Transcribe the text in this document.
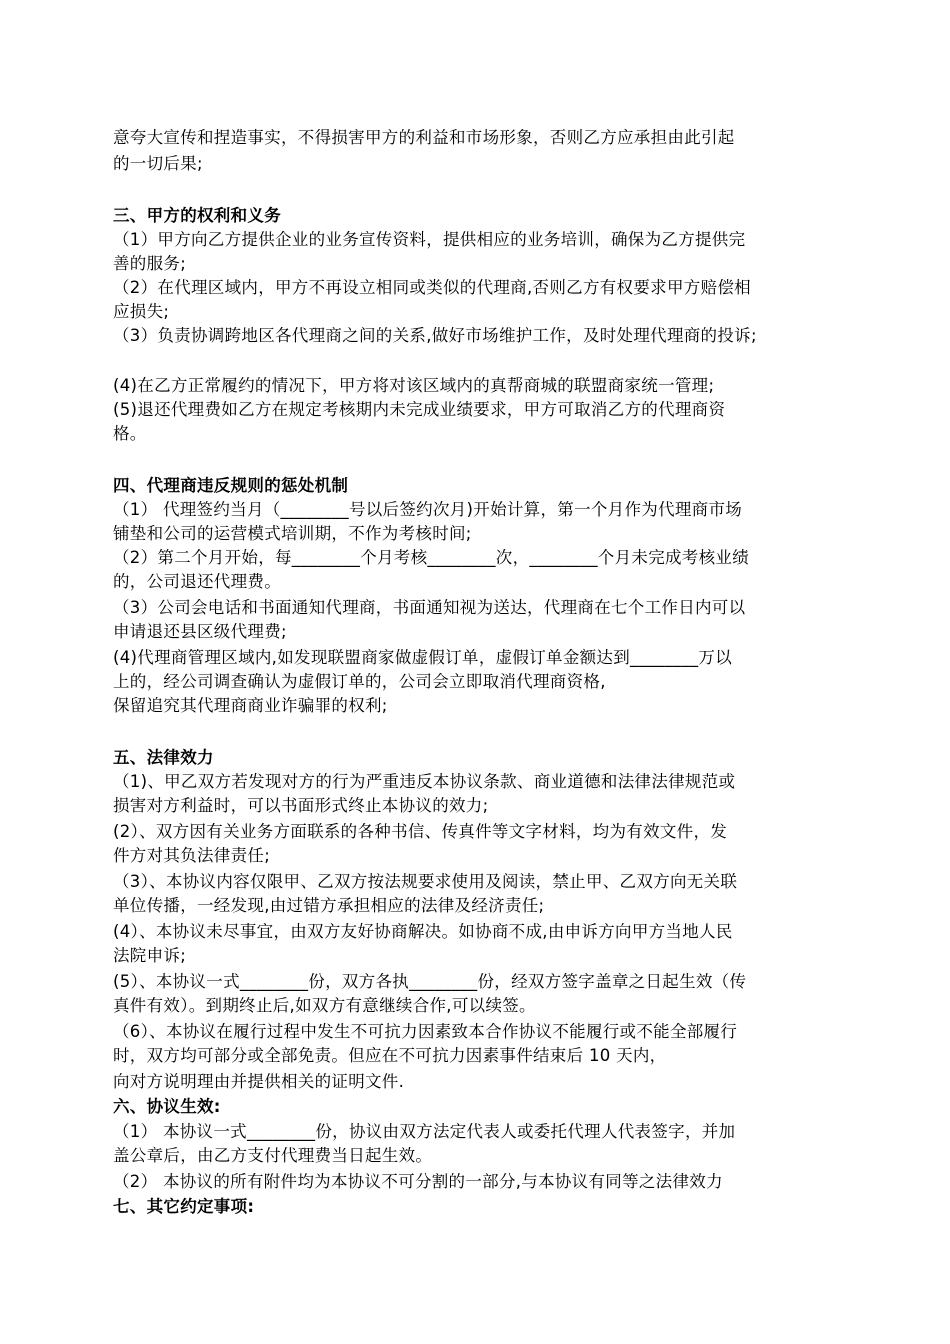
意夸大宣传和捏造事实，不得损害甲方的利益和市场形象，否则乙方应承担由此引起
的一切后果;
三、甲方的权利和义务
（1）甲方向乙方提供企业的业务宣传资料，提供相应的业务培训，确保为乙方提供完
善的服务;
（2）在代理区域内，甲方不再设立相同或类似的代理商,否则乙方有权要求甲方赔偿相
应损失;
（3）负责协调跨地区各代理商之间的关系,做好市场维护工作，及时处理代理商的投诉;
(4)在乙方正常履约的情况下，甲方将对该区域内的真帮商城的联盟商家统一管理;
(5)退还代理费如乙方在规定考核期内未完成业绩要求，甲方可取消乙方的代理商资
格。
四、代理商违反规则的惩处机制
（1） 代理签约当月（________号以后签约次月)开始计算，第一个月作为代理商市场
铺垫和公司的运营模式培训期，不作为考核时间;
（2）第二个月开始，每________个月考核________次，________个月未完成考核业绩
的，公司退还代理费。
（3）公司会电话和书面通知代理商，书面通知视为送达，代理商在七个工作日内可以
申请退还县区级代理费;
(4)代理商管理区域内,如发现联盟商家做虚假订单，虚假订单金额达到________万以
上的，经公司调查确认为虚假订单的，公司会立即取消代理商资格,
保留追究其代理商商业诈骗罪的权利;
五、法律效力
（1)、甲乙双方若发现对方的行为严重违反本协议条款、商业道德和法律法律规范或
损害对方利益时，可以书面形式终止本协议的效力;
(2）、双方因有关业务方面联系的各种书信、传真件等文字材料，均为有效文件，发
件方对其负法律责任;
（3）、本协议内容仅限甲、乙双方按法规要求使用及阅读，禁止甲、乙双方向无关联
单位传播，一经发现,由过错方承担相应的法律及经济责任;
(4）、本协议未尽事宜，由双方友好协商解决。如协商不成,由申诉方向甲方当地人民
法院申诉;
(5）、本协议一式________份，双方各执________份，经双方签字盖章之日起生效（传
真件有效）。到期终止后,如双方有意继续合作,可以续签。
（6）、本协议在履行过程中发生不可抗力因素致本合作协议不能履行或不能全部履行
时，双方均可部分或全部免责。但应在不可抗力因素事件结束后 10 天内，
向对方说明理由并提供相关的证明文件.
六、协议生效:
（1） 本协议一式________份，协议由双方法定代表人或委托代理人代表签字，并加
盖公章后，由乙方支付代理费当日起生效。
（2） 本协议的所有附件均为本协议不可分割的一部分,与本协议有同等之法律效力
七、其它约定事项:
